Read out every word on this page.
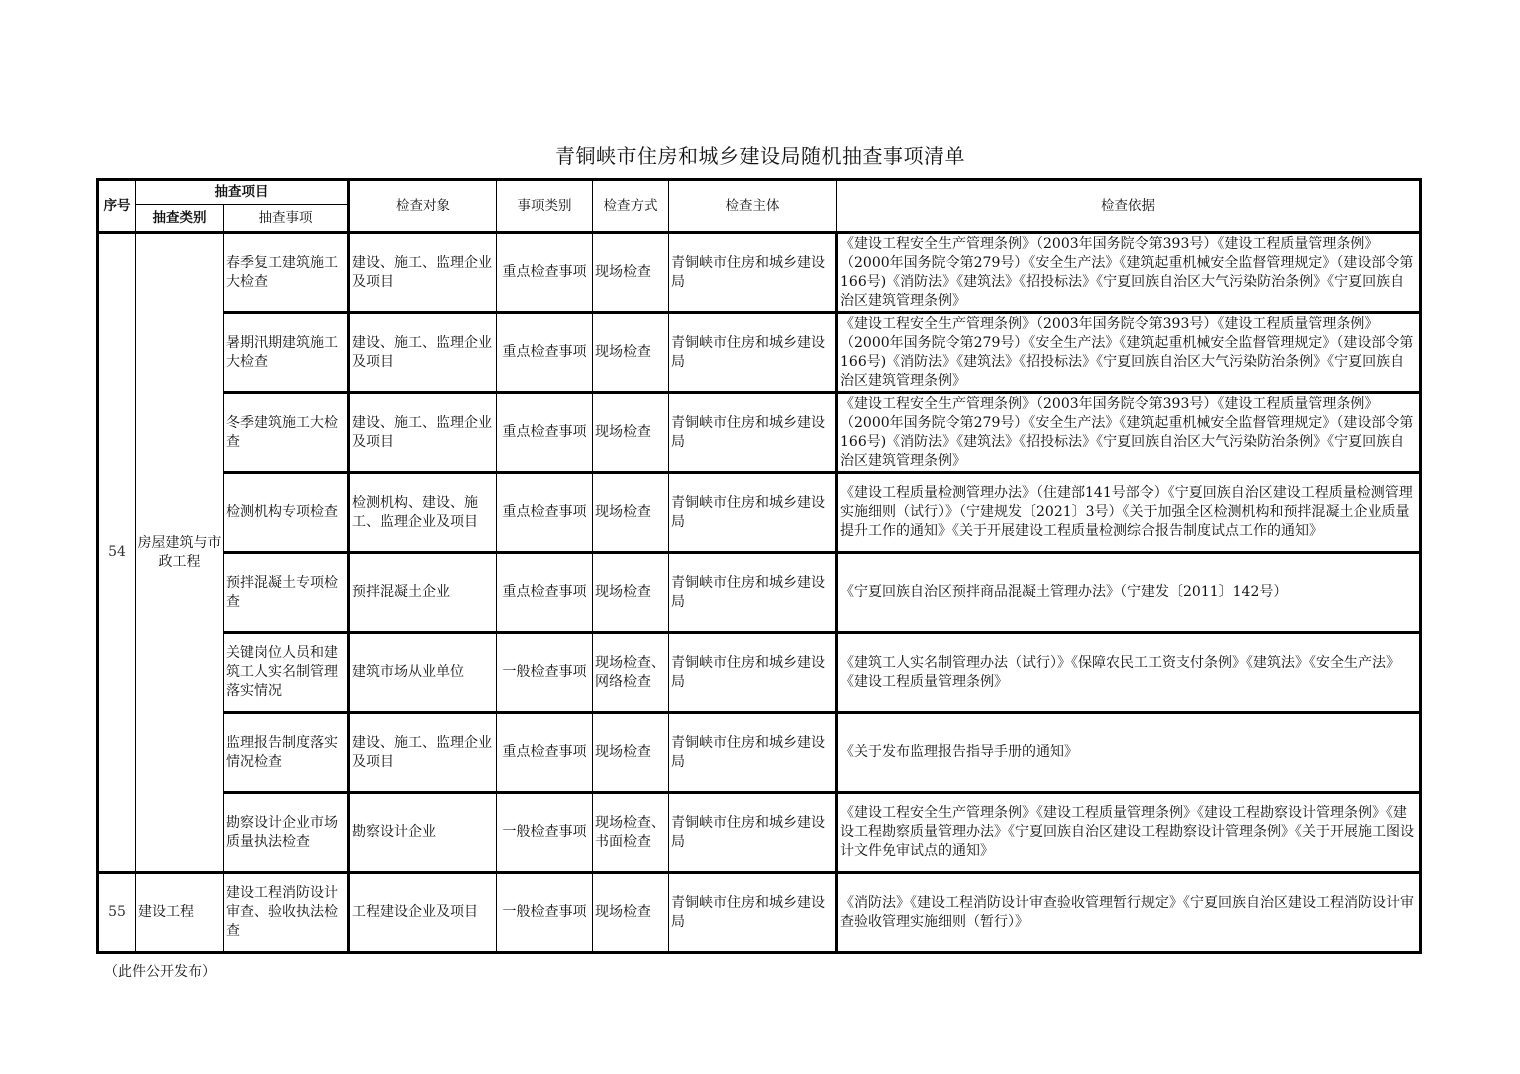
青铜峡市住房和城乡建设局随机抽查事项清单
序号	抽查项目		检查对象	事项类别	检查方式	检查主体	检查依据
	抽查类别	抽查事项					
54	房屋建筑与市政工程	春季复工建筑施工大检查	建设、施工、监理企业及项目	重点检查事项	现场检查	青铜峡市住房和城乡建设局	《建设工程安全生产管理条例》（2003年国务院令第393号）《建设工程质量管理条例》（2000年国务院令第279号）《安全生产法》《建筑起重机械安全监督管理规定》（建设部令第166号)《消防法》《建筑法》《招投标法》《宁夏回族自治区大气污染防治条例》《宁夏回族自治区建筑管理条例》
		暑期汛期建筑施工大检查	建设、施工、监理企业及项目	重点检查事项	现场检查	青铜峡市住房和城乡建设局	《建设工程安全生产管理条例》（2003年国务院令第393号）《建设工程质量管理条例》（2000年国务院令第279号）《安全生产法》《建筑起重机械安全监督管理规定》（建设部令第166号)《消防法》《建筑法》《招投标法》《宁夏回族自治区大气污染防治条例》《宁夏回族自治区建筑管理条例》
		冬季建筑施工大检查	建设、施工、监理企业及项目	重点检查事项	现场检查	青铜峡市住房和城乡建设局	《建设工程安全生产管理条例》（2003年国务院令第393号）《建设工程质量管理条例》（2000年国务院令第279号）《安全生产法》《建筑起重机械安全监督管理规定》（建设部令第166号)《消防法》《建筑法》《招投标法》《宁夏回族自治区大气污染防治条例》《宁夏回族自治区建筑管理条例》
		检测机构专项检查	检测机构、建设、施工、监理企业及项目	重点检查事项	现场检查	青铜峡市住房和城乡建设局	《建设工程质量检测管理办法》（住建部141号部令）《宁夏回族自治区建设工程质量检测管理实施细则（试行）》（宁建规发〔2021〕3号）《关于加强全区检测机构和预拌混凝土企业质量提升工作的通知》《关于开展建设工程质量检测综合报告制度试点工作的通知》
		预拌混凝土专项检查	预拌混凝土企业	重点检查事项	现场检查	青铜峡市住房和城乡建设局	《宁夏回族自治区预拌商品混凝土管理办法》（宁建发〔2011〕142号）
		关键岗位人员和建筑工人实名制管理落实情况	建筑市场从业单位	一般检查事项	现场检查、网络检查	青铜峡市住房和城乡建设局	《建筑工人实名制管理办法（试行）》《保障农民工工资支付条例》《建筑法》《安全生产法》《建设工程质量管理条例》
		监理报告制度落实情况检查	建设、施工、监理企业及项目	重点检查事项	现场检查	青铜峡市住房和城乡建设局	《关于发布监理报告指导手册的通知》
		勘察设计企业市场质量执法检查	勘察设计企业	一般检查事项	现场检查、书面检查	青铜峡市住房和城乡建设局	《建设工程安全生产管理条例》《建设工程质量管理条例》《建设工程勘察设计管理条例》《建设工程勘察质量管理办法》《宁夏回族自治区建设工程勘察设计管理条例》《关于开展施工图设计文件免审试点的通知》
55	建设工程	建设工程消防设计审查、验收执法检查	工程建设企业及项目	一般检查事项	现场检查	青铜峡市住房和城乡建设局	《消防法》《建设工程消防设计审查验收管理暂行规定》《宁夏回族自治区建设工程消防设计审查验收管理实施细则（暂行）》
（此件公开发布）
